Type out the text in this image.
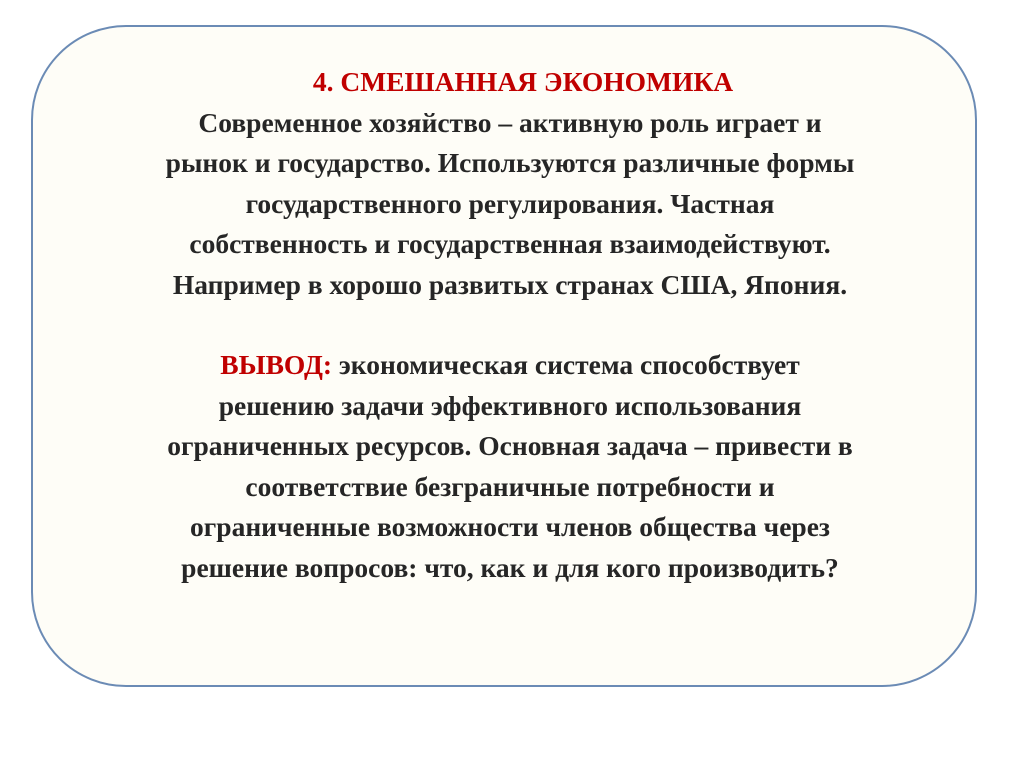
4. СМЕШАННАЯ ЭКОНОМИКА
Современное хозяйство – активную роль играет и
рынок и государство. Используются различные формы
государственного регулирования. Частная
собственность и государственная взаимодействуют.
Например в хорошо развитых странах США, Япония.
ВЫВОД: экономическая система способствует
решению задачи эффективного использования
ограниченных ресурсов. Основная задача – привести в
соответствие безграничные потребности и
ограниченные возможности членов общества через
решение вопросов: что, как и для кого производить?
